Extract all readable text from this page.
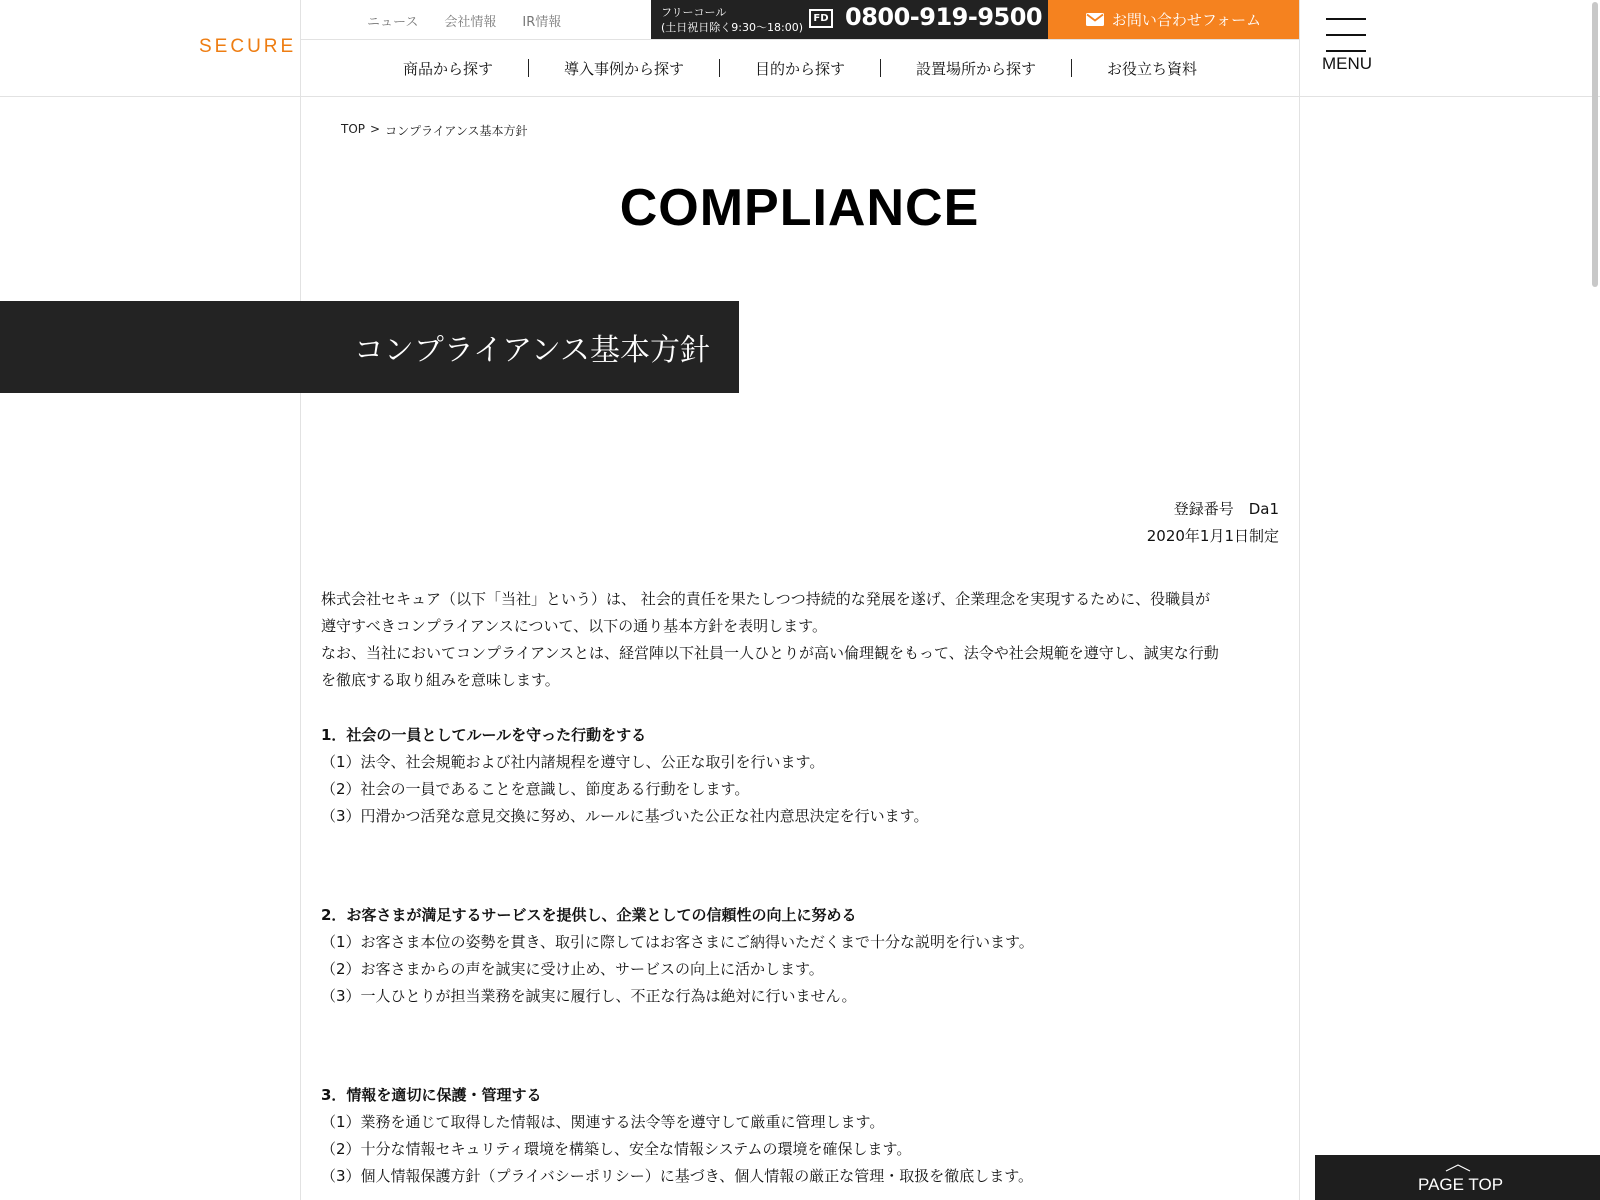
SECURE
ニュース 会社情報 IR情報
フリーコール
(土日祝日除く9:30〜18:00)
FD 0800-919-9500	お問い合わせフォーム
商品から探す	導入事例から探す	目的から探す	設置場所から探す	お役立ち資料	MENU
TOP > コンプライアンス基本方針
COMPLIANCE
コンプライアンス基本方針
登録番号　Da1
2020年1月1日制定

株式会社セキュア（以下「当社」という）は、 社会的責任を果たしつつ持続的な発展を遂げ、企業理念を実現するために、役職員が

遵守すべきコンプライアンスについて、以下の通り基本方針を表明します。

なお、当社においてコンプライアンスとは、経営陣以下社員一人ひとりが高い倫理観をもって、法令や社会規範を遵守し、誠実な行動

を徹底する取り組みを意味します。

1．社会の一員としてルールを守った行動をする

（1）法令、社会規範および社内諸規程を遵守し、公正な取引を行います。

（2）社会の一員であることを意識し、節度ある行動をします。

（3）円滑かつ活発な意見交換に努め、ルールに基づいた公正な社内意思決定を行います。

2．お客さまが満足するサービスを提供し、企業としての信頼性の向上に努める

（1）お客さま本位の姿勢を貫き、取引に際してはお客さまにご納得いただくまで十分な説明を行います。

（2）お客さまからの声を誠実に受け止め、サービスの向上に活かします。

（3）一人ひとりが担当業務を誠実に履行し、不正な行為は絶対に行いません。

3．情報を適切に保護・管理する

（1）業務を通じて取得した情報は、関連する法令等を遵守して厳重に管理します。

（2）十分な情報セキュリティ環境を構築し、安全な情報システムの環境を確保します。

（3）個人情報保護方針（プライバシーポリシー）に基づき、個人情報の厳正な管理・取扱を徹底します。	PAGE TOP
